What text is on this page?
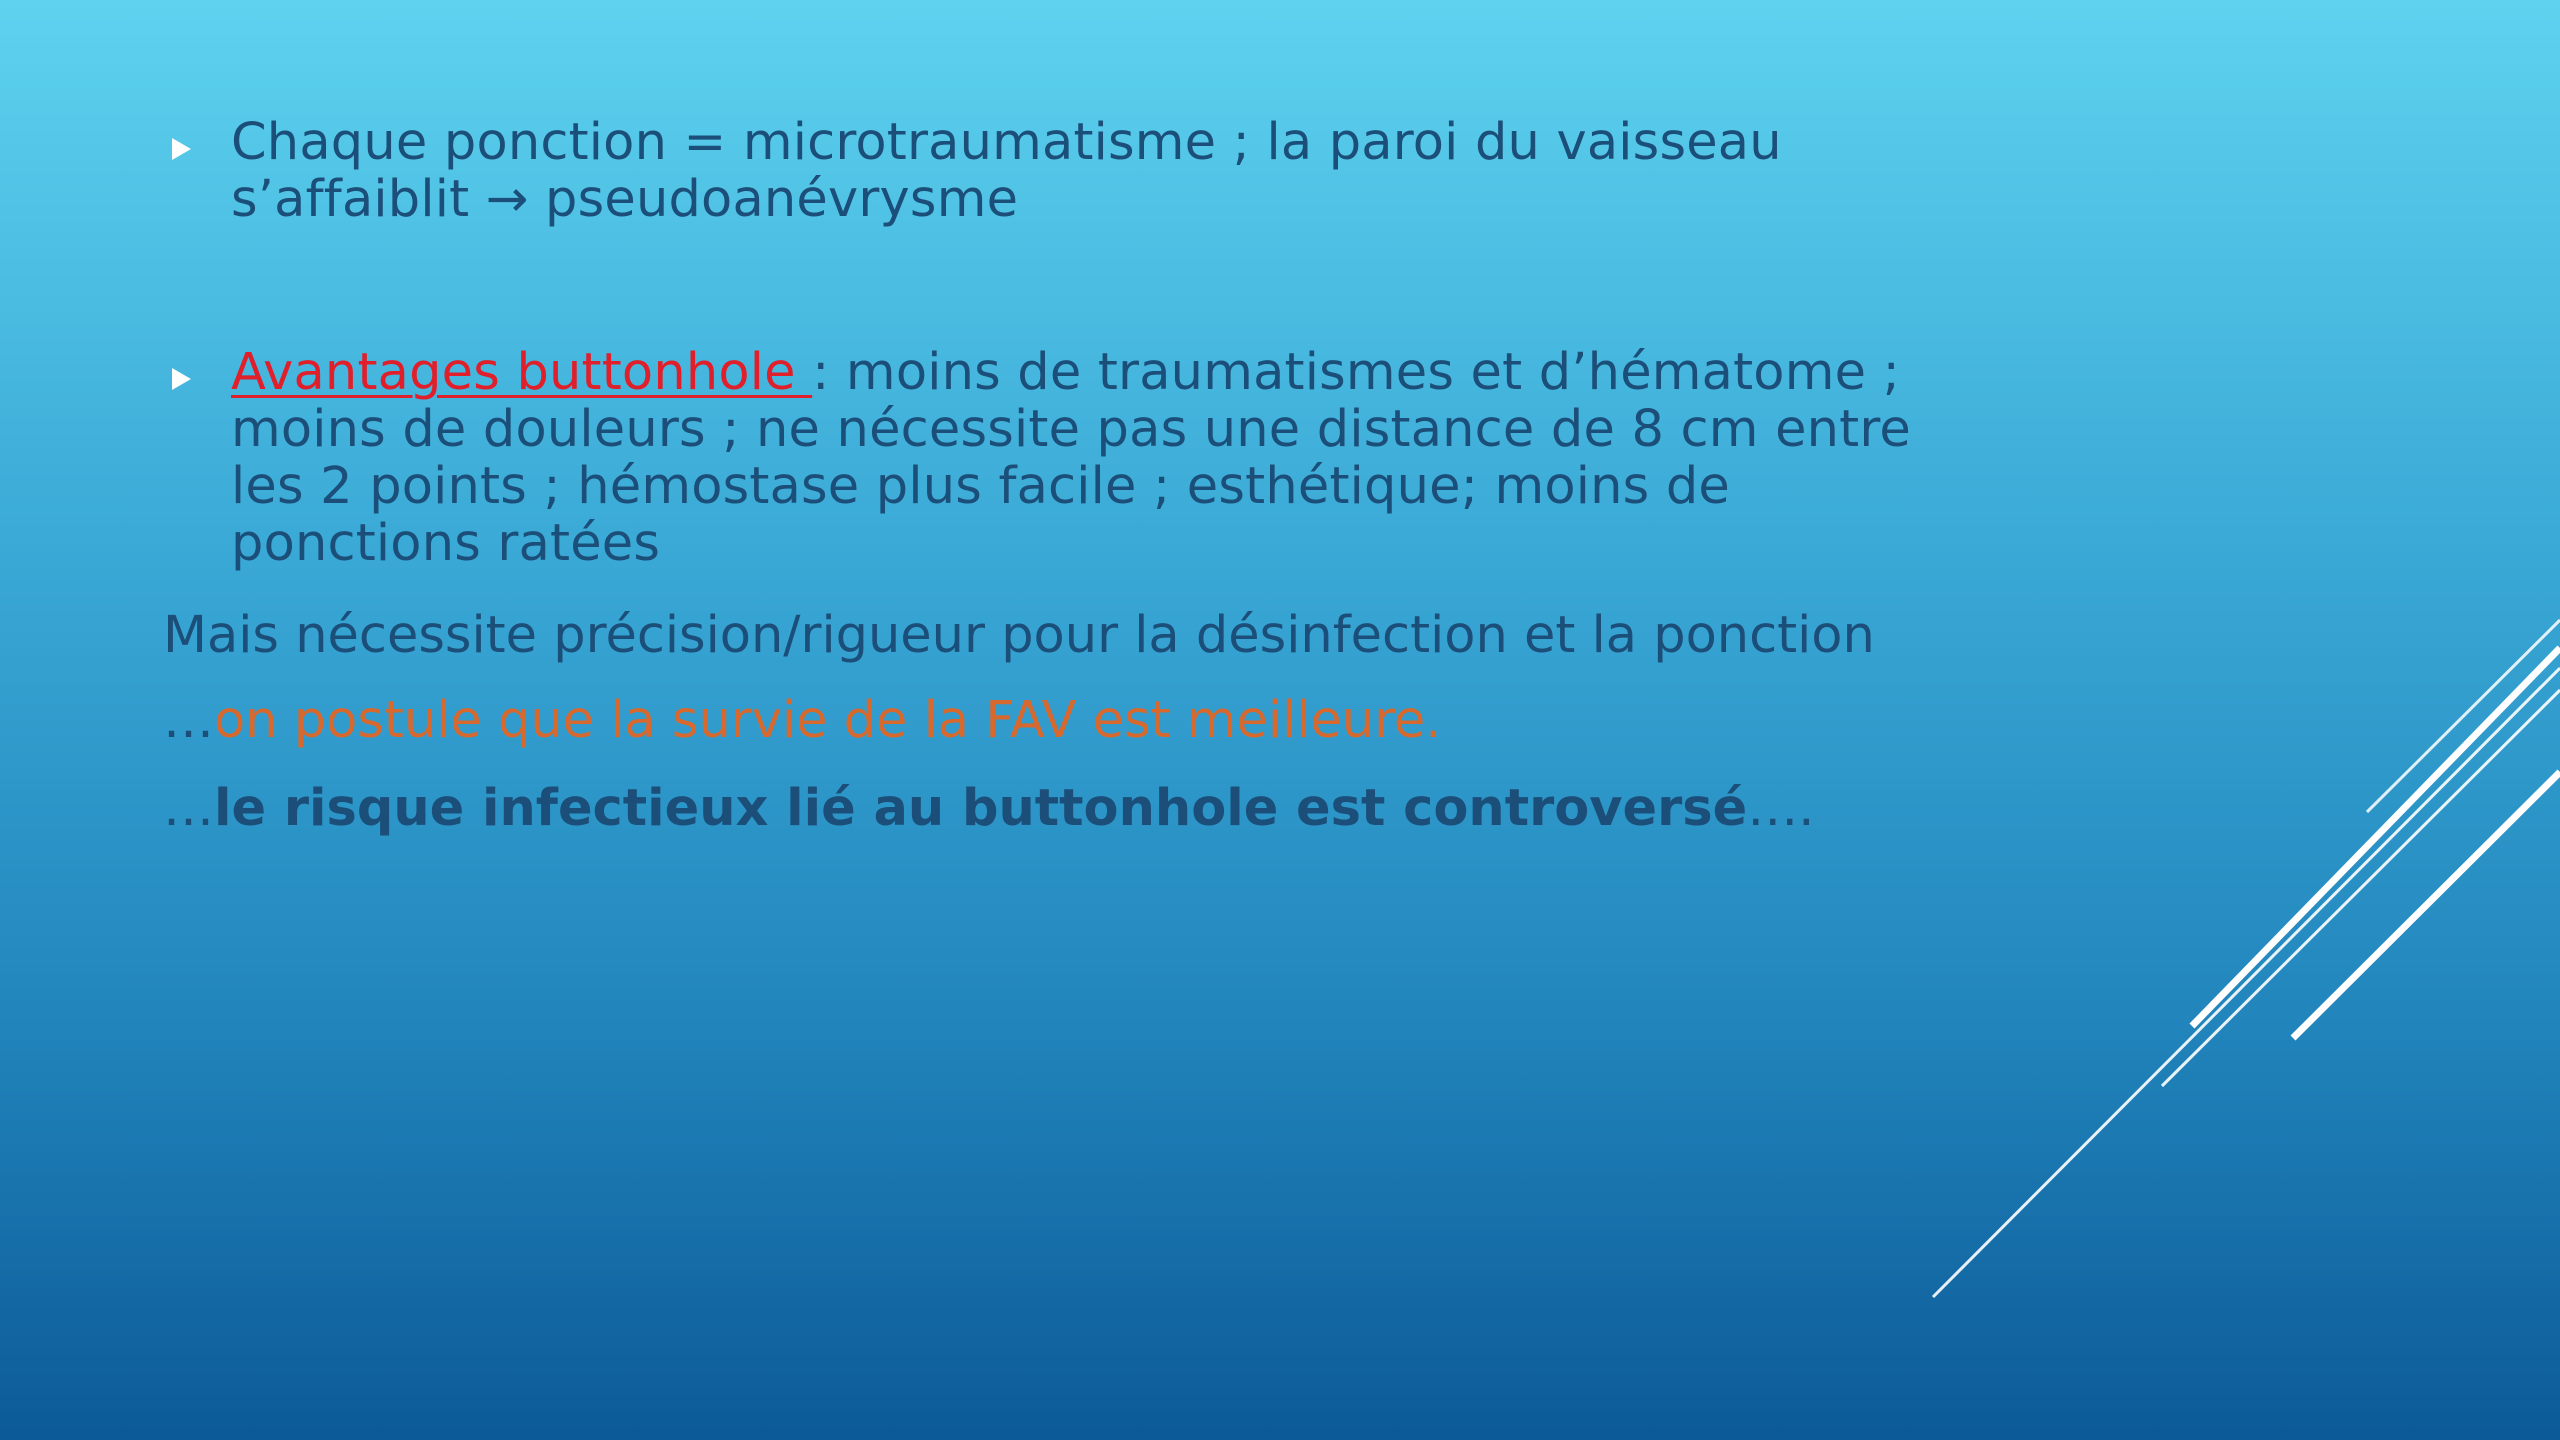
Chaque ponction = microtraumatisme ; la paroi du vaisseau s’affaiblit → pseudoanévrysme
Avantages buttonhole : moins de traumatismes et d’hématome ; moins de douleurs ; ne nécessite pas une distance de 8 cm entre les 2 points ; hémostase plus facile ; esthétique; moins de ponctions ratées
Mais nécessite précision/rigueur pour la désinfection et la ponction
…on postule que la survie de la FAV est meilleure.
…le risque infectieux lié au buttonhole est controversé….
